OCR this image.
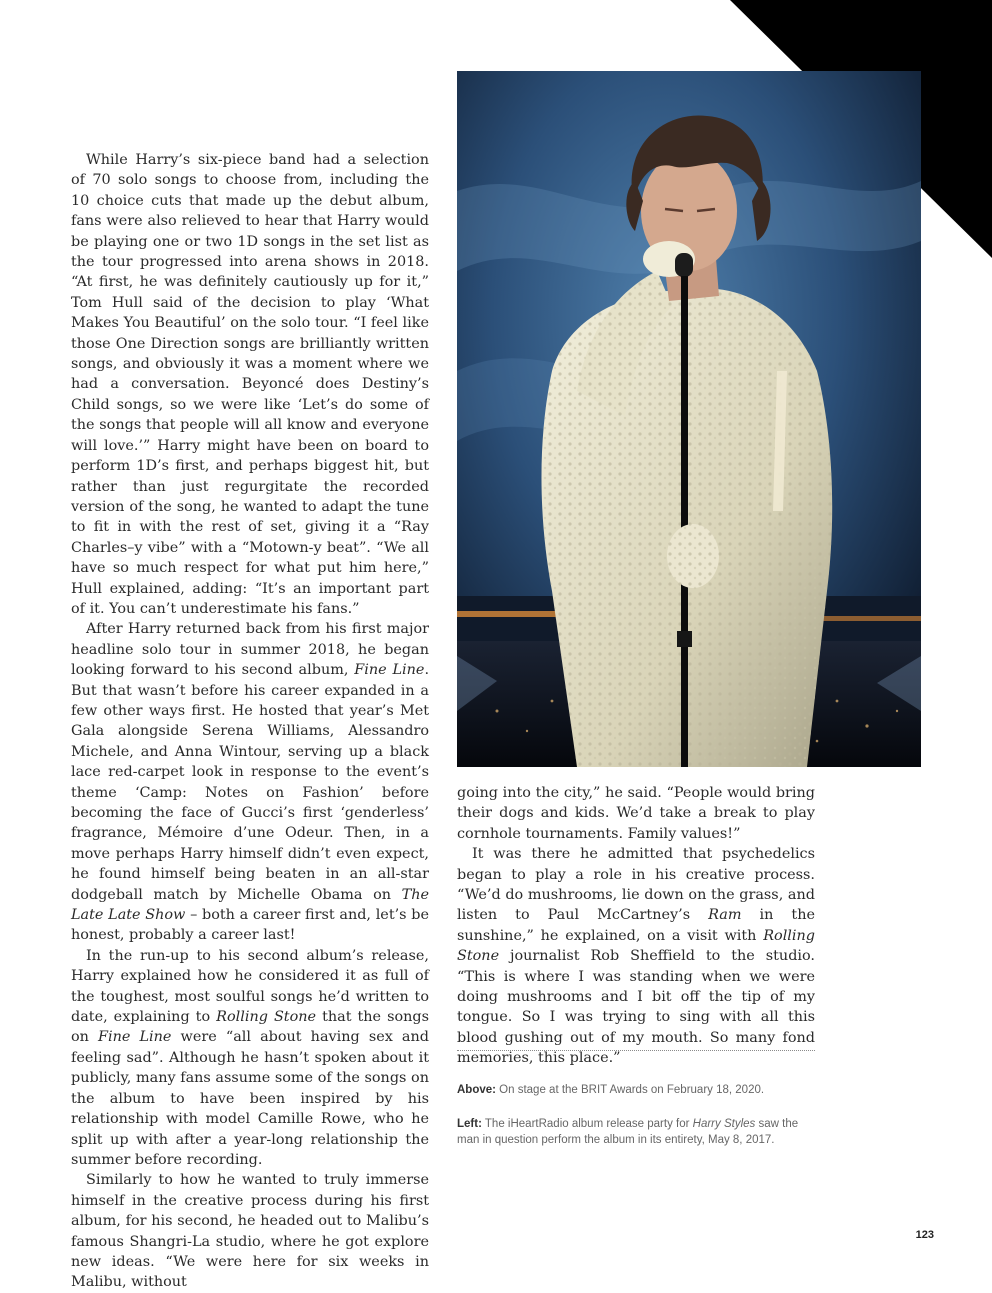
While Harry’s six-piece band had a selection of 70 solo songs to choose from, including the 10 choice cuts that made up the debut album, fans were also relieved to hear that Harry would be playing one or two 1D songs in the set list as the tour progressed into arena shows in 2018. “At first, he was definitely cautiously up for it,” Tom Hull said of the decision to play ‘What Makes You Beautiful’ on the solo tour. “I feel like those One Direction songs are brilliantly written songs, and obviously it was a moment where we had a conversation. Beyoncé does Destiny’s Child songs, so we were like ‘Let’s do some of the songs that people will all know and everyone will love.’” Harry might have been on board to perform 1D’s first, and perhaps biggest hit, but rather than just regurgitate the recorded version of the song, he wanted to adapt the tune to fit in with the rest of set, giving it a “Ray Charles–y vibe” with a “Motown-y beat”. “We all have so much respect for what put him here,” Hull explained, adding: “It’s an important part of it. You can’t underestimate his fans.”

After Harry returned back from his first major headline solo tour in summer 2018, he began looking forward to his second album, Fine Line. But that wasn’t before his career expanded in a few other ways first. He hosted that year’s Met Gala alongside Serena Williams, Alessandro Michele, and Anna Wintour, serving up a black lace red-carpet look in response to the event’s theme ‘Camp: Notes on Fashion’ before becoming the face of Gucci’s first ‘genderless’ fragrance, Mémoire d’une Odeur. Then, in a move perhaps Harry himself didn’t even expect, he found himself being beaten in an all-star dodgeball match by Michelle Obama on The Late Late Show – both a career first and, let’s be honest, probably a career last!

In the run-up to his second album’s release, Harry explained how he considered it as full of the toughest, most soulful songs he’d written to date, explaining to Rolling Stone that the songs on Fine Line were “all about having sex and feeling sad”. Although he hasn’t spoken about it publicly, many fans assume some of the songs on the album to have been inspired by his relationship with model Camille Rowe, who he split up with after a year-long relationship the summer before recording.

Similarly to how he wanted to truly immerse himself in the creative process during his first album, for his second, he headed out to Malibu’s famous Shangri-La studio, where he got explore new ideas. “We were here for six weeks in Malibu, without

going into the city,” he said. “People would bring their dogs and kids. We’d take a break to play cornhole tournaments. Family values!”

It was there he admitted that psychedelics began to play a role in his creative process. “We’d do mushrooms, lie down on the grass, and listen to Paul McCartney’s Ram in the sunshine,” he explained, on a visit with Rolling Stone journalist Rob Sheffield to the studio. “This is where I was standing when we were doing mushrooms and I bit off the tip of my tongue. So I was trying to sing with all this blood gushing out of my mouth. So many fond memories, this place.”

Above: On stage at the BRIT Awards on February 18, 2020.
Left: The iHeartRadio album release party for Harry Styles saw the man in question perform the album in its entirety, May 8, 2017.
123
